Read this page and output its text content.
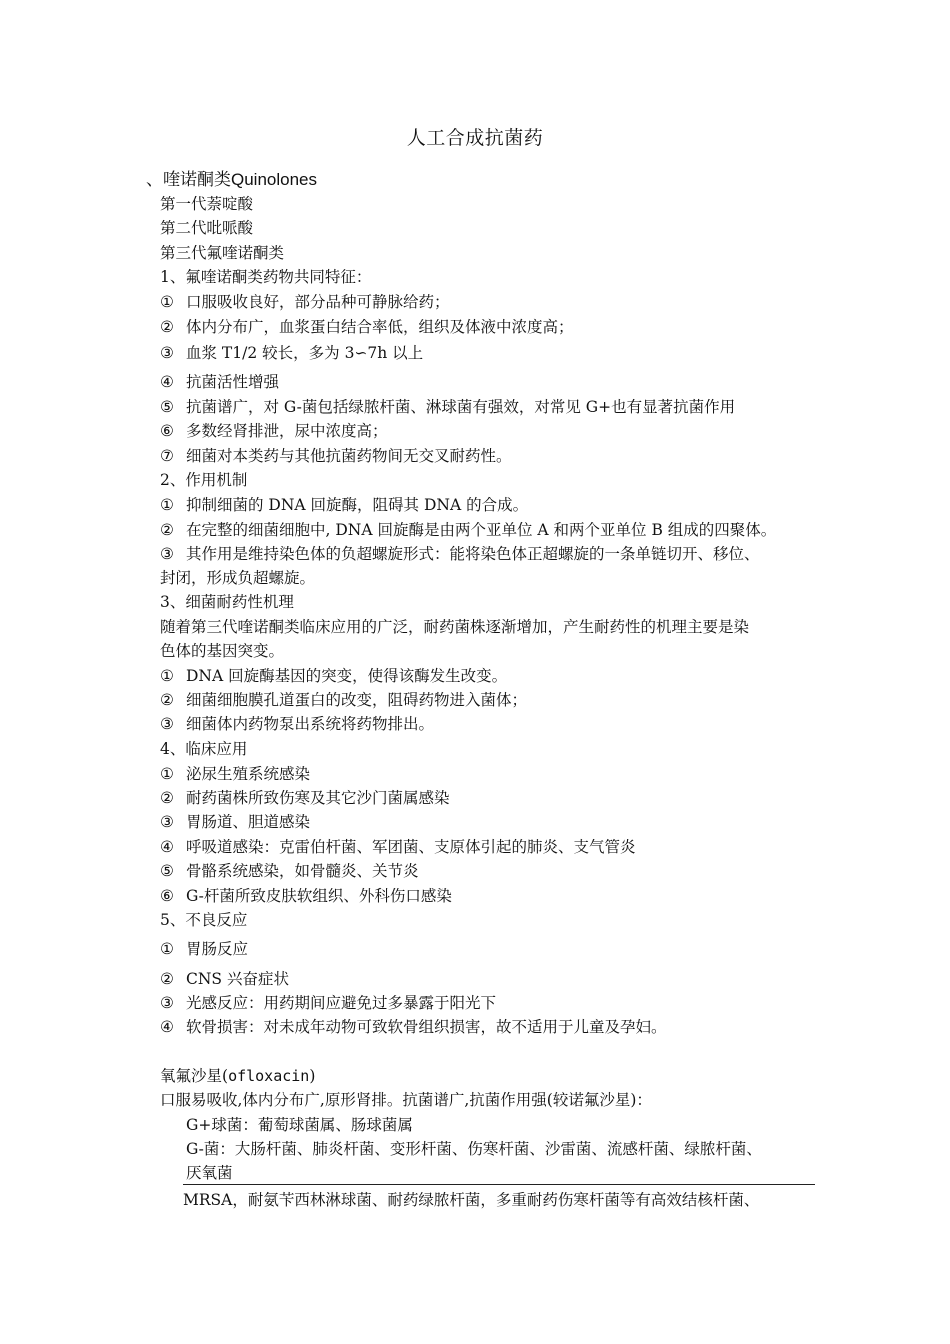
人工合成抗菌药
、喹诺酮类Quinolones
第一代萘啶酸
第二代吡哌酸
第三代氟喹诺酮类
1、氟喹诺酮类药物共同特征：
① 口服吸收良好，部分品种可静脉给药；
② 体内分布广，血浆蛋白结合率低，组织及体液中浓度高；
③ 血浆 T1/2 较长，多为 3∽7h 以上
④ 抗菌活性增强
⑤ 抗菌谱广，对 G-菌包括绿脓杆菌、淋球菌有强效，对常见 G+也有显著抗菌作用
⑥ 多数经肾排泄，尿中浓度高；
⑦ 细菌对本类药与其他抗菌药物间无交叉耐药性。
2、作用机制
① 抑制细菌的 DNA 回旋酶，阻碍其 DNA 的合成。
② 在完整的细菌细胞中, DNA 回旋酶是由两个亚单位 A 和两个亚单位 B 组成的四聚体。
③ 其作用是维持染色体的负超螺旋形式：能将染色体正超螺旋的一条单链切开、移位、
封闭，形成负超螺旋。
3、细菌耐药性机理
随着第三代喹诺酮类临床应用的广泛，耐药菌株逐渐增加，产生耐药性的机理主要是染
色体的基因突变。
① DNA 回旋酶基因的突变，使得该酶发生改变。
② 细菌细胞膜孔道蛋白的改变，阻碍药物进入菌体；
③ 细菌体内药物泵出系统将药物排出。
4、临床应用
① 泌尿生殖系统感染
② 耐药菌株所致伤寒及其它沙门菌属感染
③ 胃肠道、胆道感染
④ 呼吸道感染：克雷伯杆菌、军团菌、支原体引起的肺炎、支气管炎
⑤ 骨骼系统感染，如骨髓炎、关节炎
⑥ G-杆菌所致皮肤软组织、外科伤口感染
5、不良反应
① 胃肠反应
② CNS 兴奋症状
③ 光感反应：用药期间应避免过多暴露于阳光下
④ 软骨损害：对未成年动物可致软骨组织损害，故不适用于儿童及孕妇。
氧氟沙星(ofloxacin)
口服易吸收,体内分布广,原形肾排。抗菌谱广,抗菌作用强(较诺氟沙星)：
G+球菌：葡萄球菌属、肠球菌属
G-菌：大肠杆菌、肺炎杆菌、变形杆菌、伤寒杆菌、沙雷菌、流感杆菌、绿脓杆菌、
厌氧菌
MRSA，耐氨苄西林淋球菌、耐药绿脓杆菌，多重耐药伤寒杆菌等有高效结核杆菌、
